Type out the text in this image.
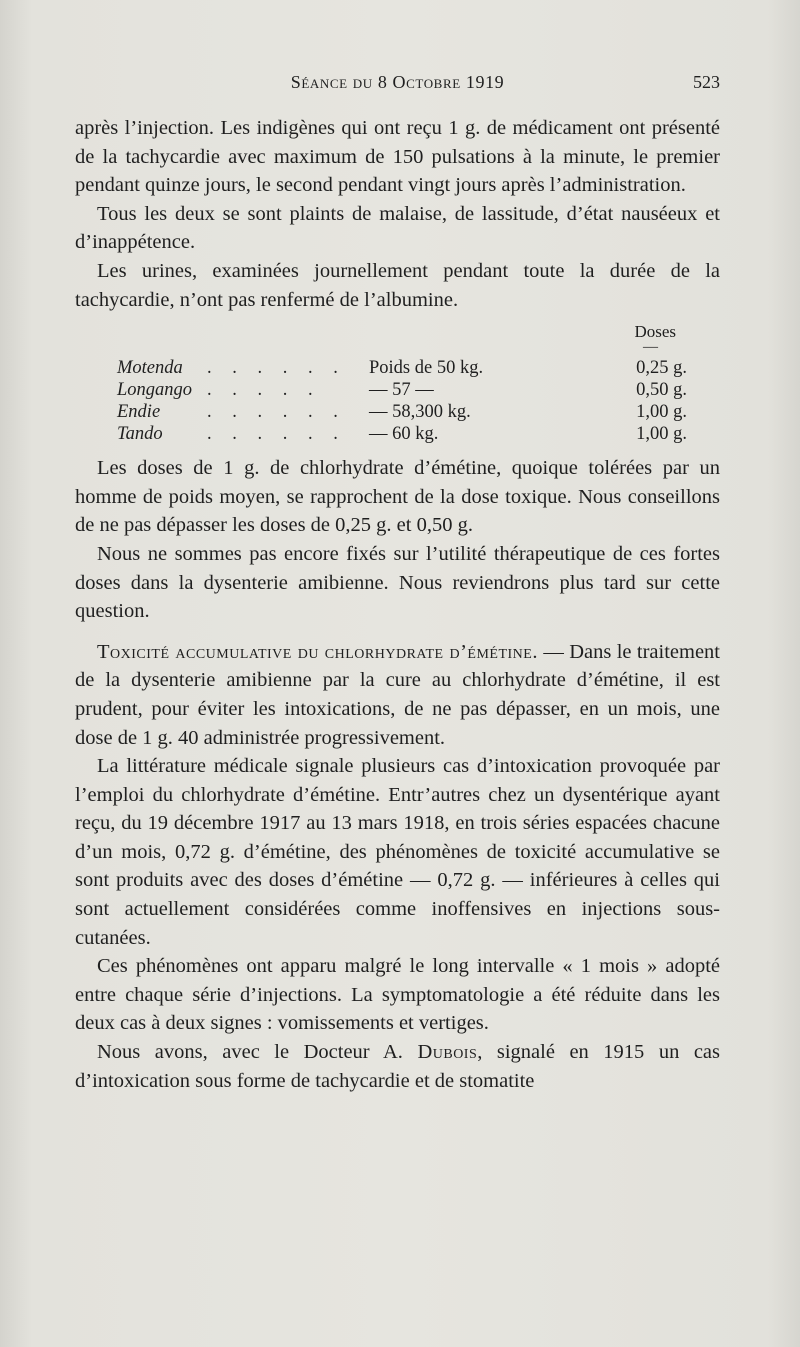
Séance du 8 Octobre 1919	523

après l’injection. Les indigènes qui ont reçu 1 g. de médicament ont présenté de la tachycardie avec maximum de 150 pulsations à la minute, le premier pendant quinze jours, le second pendant vingt jours après l’administration.

Tous les deux se sont plaints de malaise, de lassitude, d’état nauséeux et d’inappétence.

Les urines, examinées journellement pendant toute la durée de la tachycardie, n’ont pas renfermé de l’albumine.

Doses
—
Motenda . . . . . . Poids de 50 kg.	0,25 g.
Longango . . . . .	— 57 —	0,50 g.
Endie	. . . . . . — 58,300 kg.	1,00 g.
Tando . . . . . . — 60 kg.	1,00 g.

Les doses de 1 g. de chlorhydrate d’émétine, quoique tolérées par un homme de poids moyen, se rapprochent de la dose toxique. Nous conseillons de ne pas dépasser les doses de 0,25 g. et 0,50 g.

Nous ne sommes pas encore fixés sur l’utilité thérapeutique de ces fortes doses dans la dysenterie amibienne. Nous reviendrons plus tard sur cette question.

Toxicité accumulative du chlorhydrate d’émétine. — Dans le traitement de la dysenterie amibienne par la cure au chlorhydrate d’émétine, il est prudent, pour éviter les intoxications, de ne pas dépasser, en un mois, une dose de 1 g. 40 administrée progressivement.

La littérature médicale signale plusieurs cas d’intoxication provoquée par l’emploi du chlorhydrate d’émétine. Entr’autres chez un dysentérique ayant reçu, du 19 décembre 1917 au 13 mars 1918, en trois séries espacées chacune d’un mois, 0,72 g. d’émétine, des phénomènes de toxicité accumulative se sont produits avec des doses d’émétine — 0,72 g. — inférieures à celles qui sont actuellement considérées comme inoffensives en injections sous-cutanées.

Ces phénomènes ont apparu malgré le long intervalle « 1 mois » adopté entre chaque série d’injections. La symptomatologie a été réduite dans les deux cas à deux signes : vomissements et vertiges.

Nous avons, avec le Docteur A. Dubois, signalé en 1915 un cas d’intoxication sous forme de tachycardie et de stomatite
